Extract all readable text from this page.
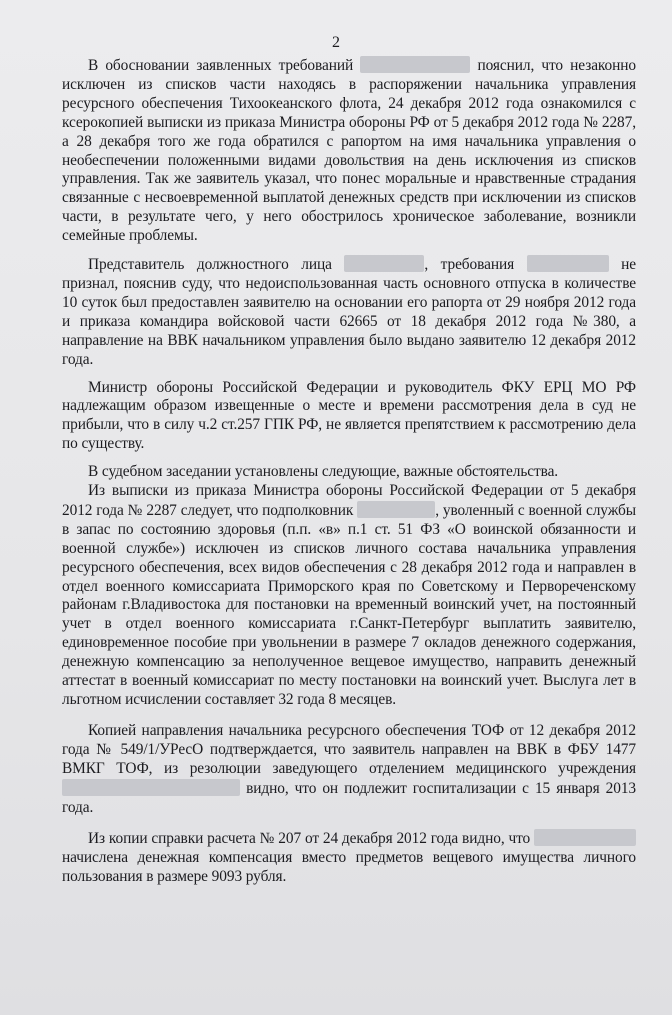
2

В обосновании заявленных требований	пояснил, что незаконно исключен из списков части находясь в распоряжении начальника управления ресурсного обеспечения Тихоокеанского флота, 24 декабря 2012 года ознакомился с ксерокопией выписки из приказа Министра обороны РФ от 5 декабря 2012 года № 2287, а 28 декабря того же года обратился с рапортом на имя начальника управления о необеспечении положенными видами довольствия на день исключения из списков управления. Так же заявитель указал, что понес моральные и нравственные страдания связанные с несвоевременной выплатой денежных средств при исключении из списков части, в результате чего, у него обострилось хроническое заболевание, возникли семейные проблемы.

Представитель должностного лица	, требования	не признал, пояснив суду, что недоиспользованная часть основного отпуска в количестве 10 суток был предоставлен заявителю на основании его рапорта от 29 ноября 2012 года и приказа командира войсковой части 62665 от 18 декабря 2012 года №380, а направление на ВВК начальником управления было выдано заявителю 12 декабря 2012 года.

Министр обороны Российской Федерации и руководитель ФКУ ЕРЦ МО РФ надлежащим образом извещенные о месте и времени рассмотрения дела в суд не прибыли, что в силу ч.2 ст.257 ГПК РФ, не является препятствием к рассмотрению дела по существу.

В судебном заседании установлены следующие, важные обстоятельства.

Из выписки из приказа Министра обороны Российской Федерации от 5 декабря 2012 года № 2287 следует, что подполковник	, уволенный с военной службы в запас по состоянию здоровья (п.п. «в» п.1 ст. 51 ФЗ «О воинской обязанности и военной службе») исключен из списков личного состава начальника управления ресурсного обеспечения, всех видов обеспечения с 28 декабря 2012 года и направлен в отдел военного комиссариата Приморского края по Советскому и Первореченскому районам г.Владивостока для постановки на временный воинский учет, на постоянный учет в отдел военного комиссариата г.Санкт-Петербург выплатить заявителю, единовременное пособие при увольнении в размере 7 окладов денежного содержания, денежную компенсацию за неполученное вещевое имущество, направить денежный аттестат в военный комиссариат по месту постановки на воинский учет. Выслуга лет в льготном исчислении составляет 32 года 8 месяцев.

Копией направления начальника ресурсного обеспечения ТОФ от 12 декабря 2012 года № 549/1/УРесО подтверждается, что заявитель направлен на ВВК в ФБУ 1477 ВМКГ ТОФ, из резолюции заведующего отделением медицинского учреждения  видно, что он подлежит госпитализации с 15 января 2013 года.

Из копии справки расчета № 207 от 24 декабря 2012 года видно, что  начислена денежная компенсация вместо предметов вещевого имущества личного пользования в размере 9093 рубля.
